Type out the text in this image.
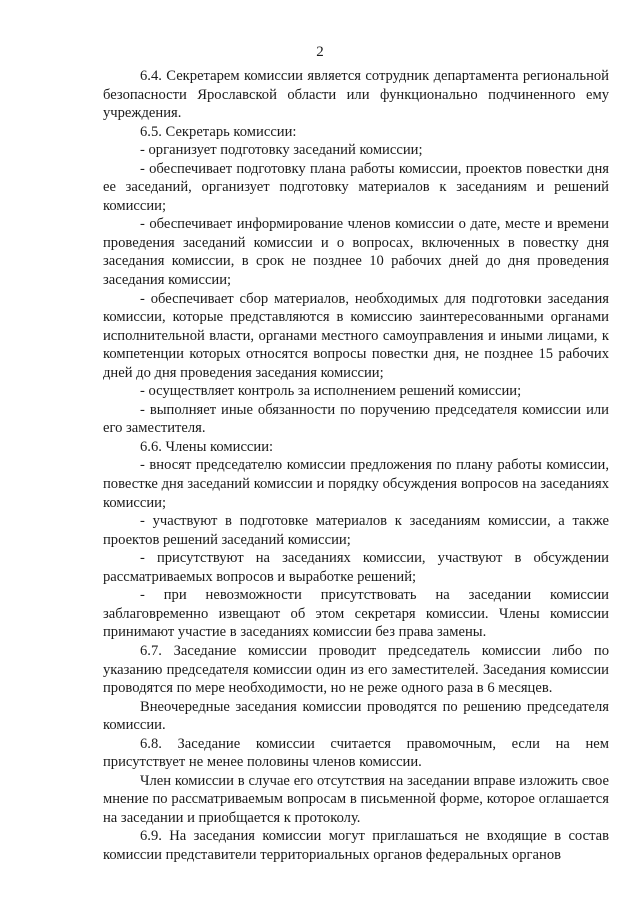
2

6.4. Секретарем комиссии является сотрудник департамента региональной безопасности Ярославской области или функционально подчиненного ему учреждения.

6.5. Секретарь комиссии:

- организует подготовку заседаний комиссии;

- обеспечивает подготовку плана работы комиссии, проектов повестки дня ее заседаний, организует подготовку материалов к заседаниям и решений комиссии;

- обеспечивает информирование членов комиссии о дате, месте и времени проведения заседаний комиссии и о вопросах, включенных в повестку дня заседания комиссии, в срок не позднее 10 рабочих дней до дня проведения заседания комиссии;

- обеспечивает сбор материалов, необходимых для подготовки заседания комиссии, которые представляются в комиссию заинтересованными органами исполнительной власти, органами местного самоуправления и иными лицами, к компетенции которых относятся вопросы повестки дня, не позднее 15 рабочих дней до дня проведения заседания комиссии;

- осуществляет контроль за исполнением решений комиссии;

- выполняет иные обязанности по поручению председателя комиссии или его заместителя.

6.6. Члены комиссии:

- вносят председателю комиссии предложения по плану работы комиссии, повестке дня заседаний комиссии и порядку обсуждения вопросов на заседаниях комиссии;

- участвуют в подготовке материалов к заседаниям комиссии, а также проектов решений заседаний комиссии;

- присутствуют на заседаниях комиссии, участвуют в обсуждении рассматриваемых вопросов и выработке решений;

- при невозможности присутствовать на заседании комиссии заблаговременно извещают об этом секретаря комиссии. Члены комиссии принимают участие в заседаниях комиссии без права замены.

6.7. Заседание комиссии проводит председатель комиссии либо по указанию председателя комиссии один из его заместителей. Заседания комиссии проводятся по мере необходимости, но не реже одного раза в 6 месяцев.

Внеочередные заседания комиссии проводятся по решению председателя комиссии.

6.8. Заседание комиссии считается правомочным, если на нем присутствует не менее половины членов комиссии.

Член комиссии в случае его отсутствия на заседании вправе изложить свое мнение по рассматриваемым вопросам в письменной форме, которое оглашается на заседании и приобщается к протоколу.

6.9. На заседания комиссии могут приглашаться не входящие в состав комиссии представители территориальных органов федеральных органов
